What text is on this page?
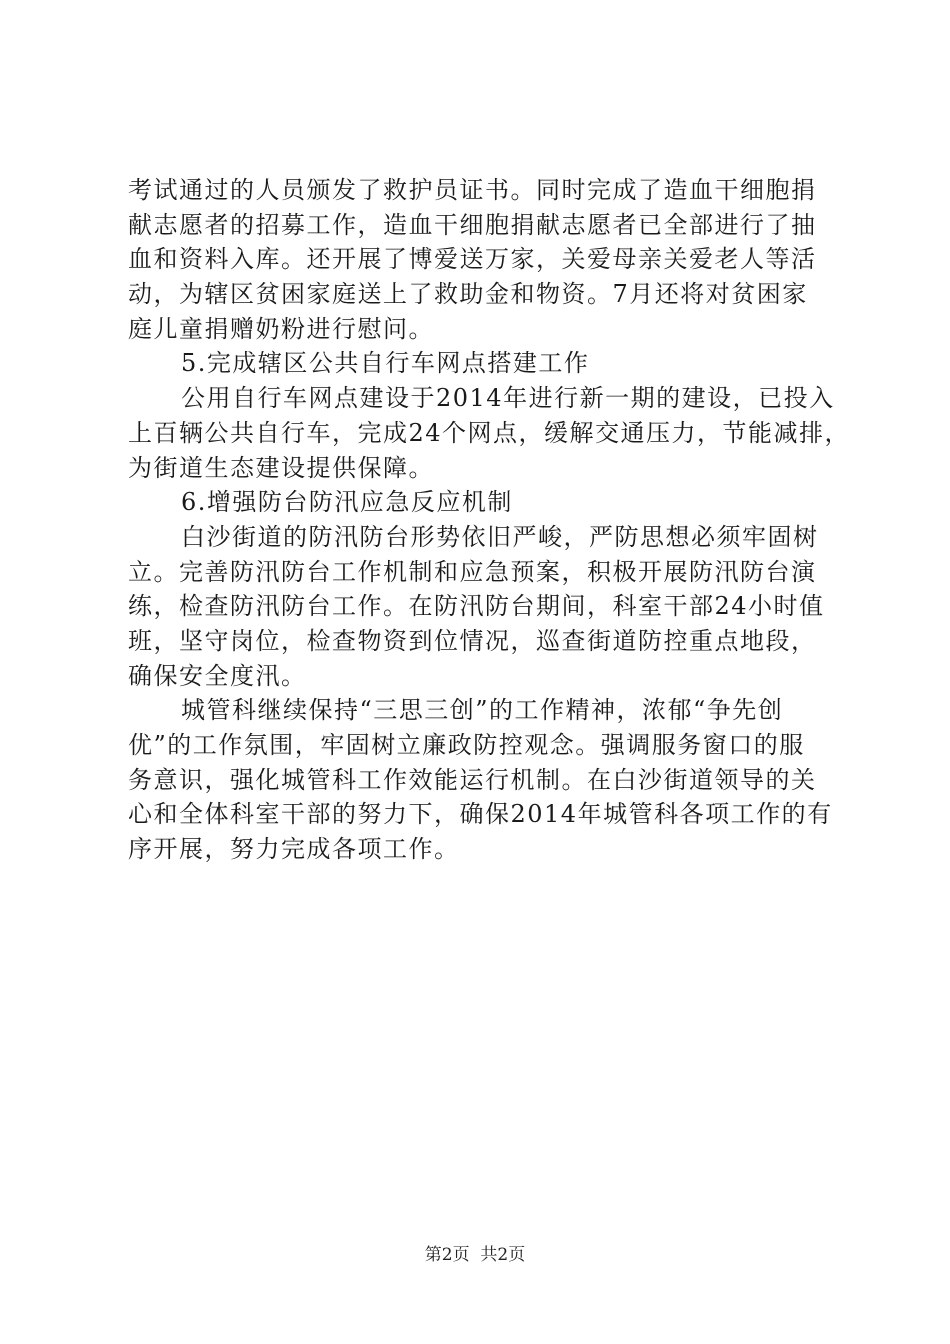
考试通过的人员颁发了救护员证书。同时完成了造血干细胞捐
献志愿者的招募工作，造血干细胞捐献志愿者已全部进行了抽
血和资料入库。还开展了博爱送万家，关爱母亲关爱老人等活
动，为辖区贫困家庭送上了救助金和物资。7月还将对贫困家
庭儿童捐赠奶粉进行慰问。
5.完成辖区公共自行车网点搭建工作
公用自行车网点建设于2014年进行新一期的建设，已投入
上百辆公共自行车，完成24个网点，缓解交通压力，节能减排，
为街道生态建设提供保障。
6.增强防台防汛应急反应机制
白沙街道的防汛防台形势依旧严峻，严防思想必须牢固树
立。完善防汛防台工作机制和应急预案，积极开展防汛防台演
练，检查防汛防台工作。在防汛防台期间，科室干部24小时值
班，坚守岗位，检查物资到位情况，巡查街道防控重点地段，
确保安全度汛。
城管科继续保持“三思三创”的工作精神，浓郁“争先创
优”的工作氛围，牢固树立廉政防控观念。强调服务窗口的服
务意识，强化城管科工作效能运行机制。在白沙街道领导的关
心和全体科室干部的努力下，确保2014年城管科各项工作的有
序开展，努力完成各项工作。
第2页 共2页
